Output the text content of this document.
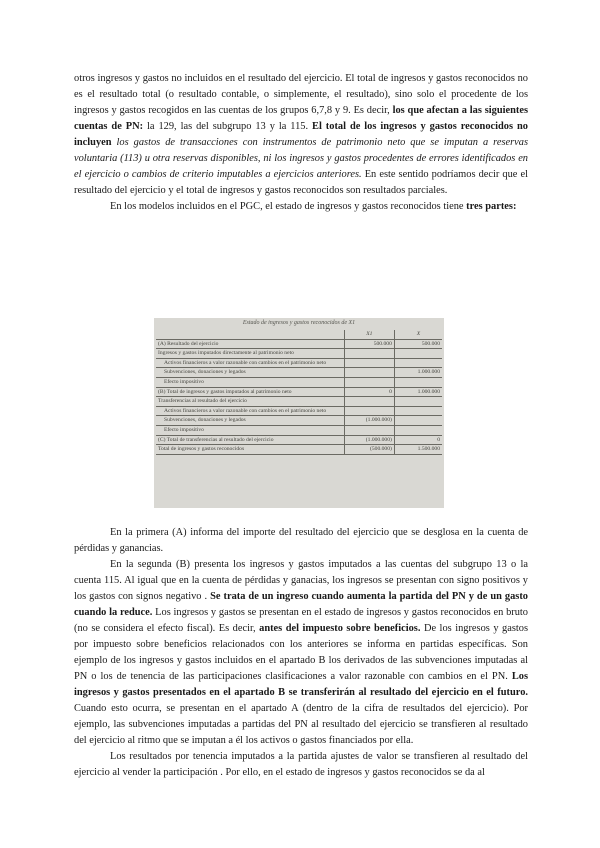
otros ingresos y gastos no incluidos en el resultado del ejercicio. El total de ingresos y gastos reconocidos no es el resultado total (o resultado contable, o simplemente, el resultado), sino solo el procedente de los ingresos y gastos recogidos en las cuentas de los grupos 6,7,8 y 9. Es decir, los que afectan a las siguientes cuentas de PN: la 129, las del subgrupo 13 y la 115. El total de los ingresos y gastos reconocidos no incluyen los gastos de transacciones con instrumentos de patrimonio neto que se imputan a reservas voluntaria (113) u otra reservas disponibles, ni los ingresos y gastos procedentes de errores identificados en el ejercicio o cambios de criterio imputables a ejercicios anteriores. En este sentido podríamos decir que el resultado del ejercicio y el total de ingresos y gastos reconocidos son resultados parciales.

En los modelos incluidos en el PGC, el estado de ingresos y gastos reconocidos tiene tres partes:

Estado de ingresos y gastos reconocidos de X1
	X1	X
(A) Resultado del ejercicio	500.000	500.000
Ingresos y gastos imputados directamente al patrimonio neto		

Activos financieros a valor razonable con cambios en el patrimonio neto		

Subvenciones, donaciones y legados		1.000.000

Efecto impositivo		

(B) Total de ingresos y gastos imputados al patrimonio neto	0	1.000.000
Transferencias al resultado del ejercicio		

Activos financieros a valor razonable con cambios en el patrimonio neto		

Subvenciones, donaciones y legados	(1.000.000)	

Efecto impositivo		

(C) Total de transferencias al resultado del ejercicio	(1.000.000)	0
Total de ingresos y gastos reconocidos	(500.000)	1.500.000

En la primera (A) informa del importe del resultado del ejercicio que se desglosa en la cuenta de pérdidas y ganancias.

En la segunda (B) presenta los ingresos y gastos imputados a las cuentas del subgrupo 13 o la cuenta 115. Al igual que en la cuenta de pérdidas y ganacias, los ingresos se presentan con signo positivos y los gastos con signos negativo . Se trata de un ingreso cuando aumenta la partida del PN y de un gasto cuando la reduce. Los ingresos y gastos se presentan en el estado de ingresos y gastos reconocidos en bruto (no se considera el efecto fiscal). Es decir, antes del impuesto sobre beneficios. De los ingresos y gastos por impuesto sobre beneficios relacionados con los anteriores se informa en partidas específicas. Son ejemplo de los ingresos y gastos incluidos en el apartado B los derivados de las subvenciones imputadas al PN o los de tenencia de las participaciones clasificaciones a valor razonable con cambios en el PN. Los ingresos y gastos presentados en el apartado B se transferirán al resultado del ejercicio en el futuro. Cuando esto ocurra, se presentan en el apartado A (dentro de la cifra de resultados del ejercicio). Por ejemplo, las subvenciones imputadas a partidas del PN al resultado del ejercicio se transfieren al resultado del ejercicio al ritmo que se imputan a él los activos o gastos financiados por ella.

Los resultados por tenencia imputados a la partida ajustes de valor se transfieren al resultado del ejercicio al vender la participación . Por ello, en el estado de ingresos y gastos reconocidos se da al
